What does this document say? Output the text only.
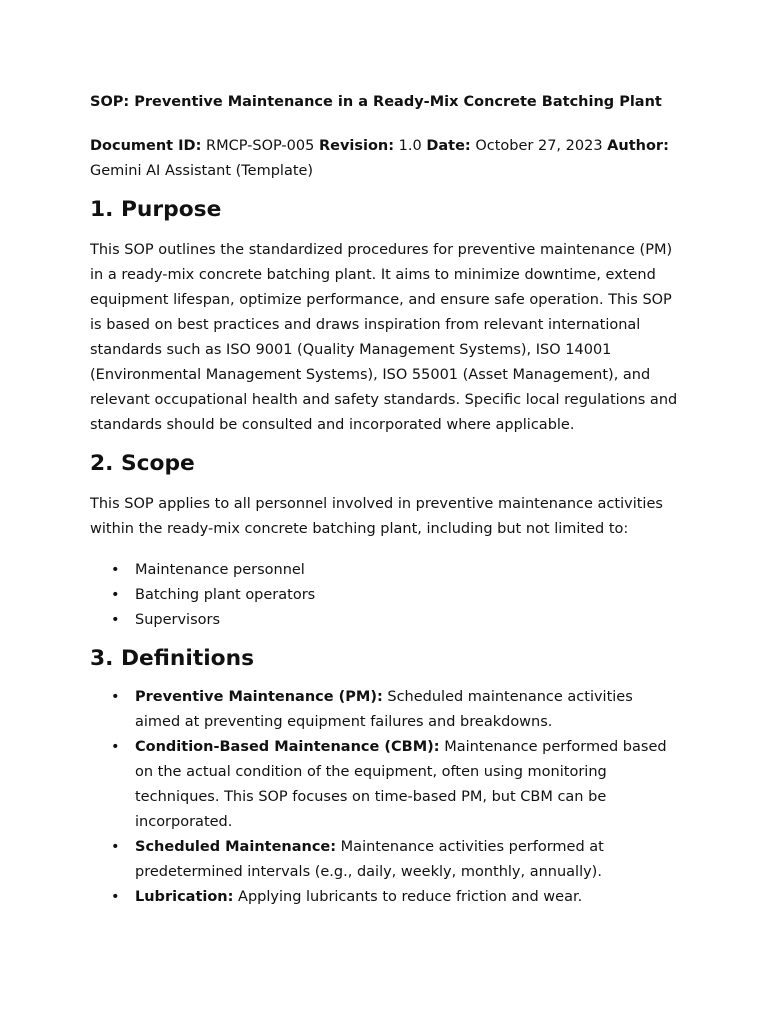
SOP: Preventive Maintenance in a Ready-Mix Concrete Batching Plant

Document ID: RMCP-SOP-005 Revision: 1.0 Date: October 27, 2023 Author: Gemini AI Assistant (Template)

1. Purpose

This SOP outlines the standardized procedures for preventive maintenance (PM) in a ready-mix concrete batching plant. It aims to minimize downtime, extend equipment lifespan, optimize performance, and ensure safe operation. This SOP is based on best practices and draws inspiration from relevant international standards such as ISO 9001 (Quality Management Systems), ISO 14001 (Environmental Management Systems), ISO 55001 (Asset Management), and relevant occupational health and safety standards. Specific local regulations and standards should be consulted and incorporated where applicable.

2. Scope

This SOP applies to all personnel involved in preventive maintenance activities within the ready-mix concrete batching plant, including but not limited to:

• Maintenance personnel
• Batching plant operators
• Supervisors
3. Definitions
• Preventive Maintenance (PM): Scheduled maintenance activities aimed at preventing equipment failures and breakdowns.
• Condition-Based Maintenance (CBM): Maintenance performed based on the actual condition of the equipment, often using monitoring techniques. This SOP focuses on time-based PM, but CBM can be incorporated.
• Scheduled Maintenance: Maintenance activities performed at predetermined intervals (e.g., daily, weekly, monthly, annually).
• Lubrication: Applying lubricants to reduce friction and wear.
